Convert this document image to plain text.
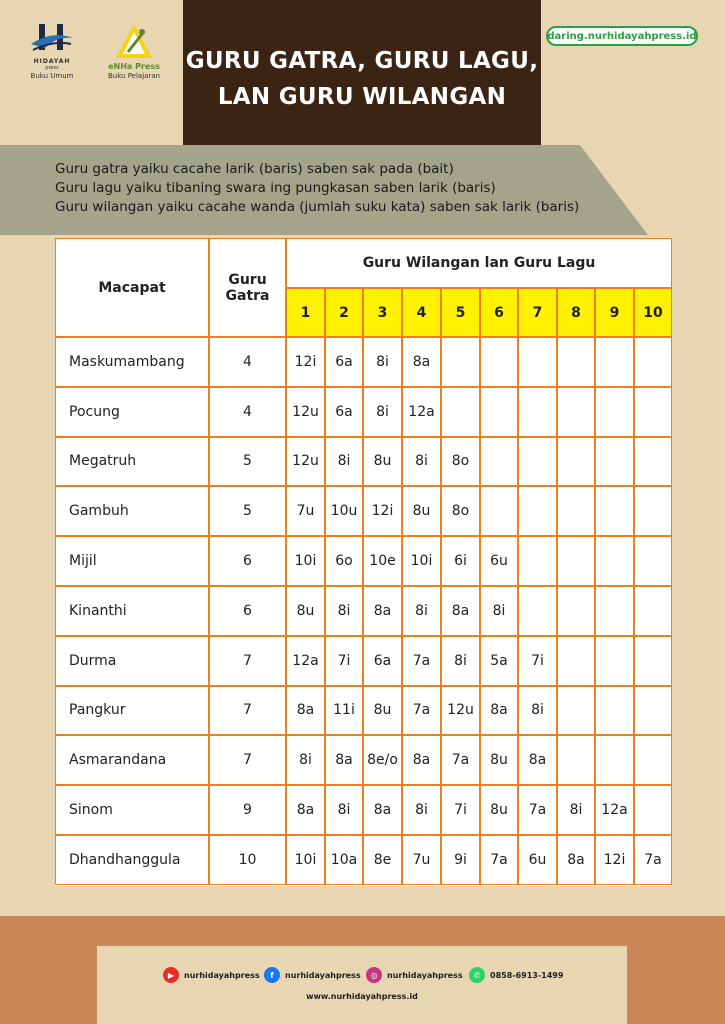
HIDAYAH
press
Buku Umum
eNHa Press
Buku Pelajaran
GURU GATRA, GURU LAGU,
LAN GURU WILANGAN
daring.nurhidayahpress.id
Guru gatra yaiku cacahe larik (baris) saben sak pada (bait)
Guru lagu yaiku tibaning swara ing pungkasan saben larik (baris)
Guru wilangan yaiku cacahe wanda (jumlah suku kata) saben sak larik (baris)
Macapat	Guru
Gatra
Guru Wilangan lan Guru Lagu
1	2	3	4	5	6	7	8	9	10
Maskumambang	4	12i	6a	8i	8a
Pocung	4	12u	6a	8i	12a
Megatruh	5	12u	8i	8u	8i	8o
Gambuh	5	7u	10u	12i	8u	8o
Mijil	6	10i	6o	10e	10i	6i	6u
Kinanthi	6	8u	8i	8a	8i	8a	8i
Durma	7	12a	7i	6a	7a	8i	5a	7i
Pangkur	7	8a	11i	8u	7a	12u	8a	8i
Asmarandana	7	8i	8a	8e/o	8a	7a	8u	8a
Sinom	9	8a	8i	8a	8i	7i	8u	7a	8i	12a
Dhandhanggula	10	10i	10a	8e	7u	9i	7a	6u	8a	12i	7a
▶	nurhidayahpress	f	nurhidayahpress	◎	nurhidayahpress	✆	0858-6913-1499
www.nurhidayahpress.id
